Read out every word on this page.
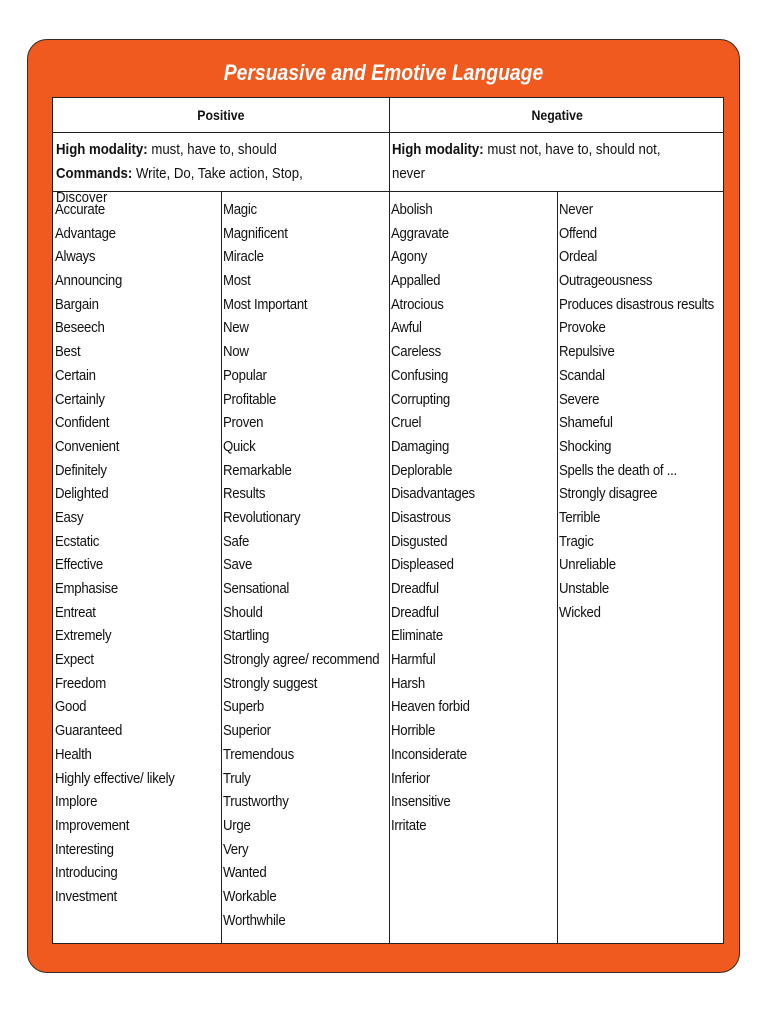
Persuasive and Emotive Language
Positive	Negative
High modality: must, have to, should
Commands: Write, Do, Take action, Stop, Discover
High modality: must not, have to, should not, never
Accurate
Advantage
Always
Announcing
Bargain
Beseech
Best
Certain
Certainly
Confident
Convenient
Definitely
Delighted
Easy
Ecstatic
Effective
Emphasise
Entreat
Extremely
Expect
Freedom
Good
Guaranteed
Health
Highly effective/ likely
Implore
Improvement
Interesting
Introducing
Investment
Magic
Magnificent
Miracle
Most
Most Important
New
Now
Popular
Profitable
Proven
Quick
Remarkable
Results
Revolutionary
Safe
Save
Sensational
Should
Startling
Strongly agree/ recommend
Strongly suggest
Superb
Superior
Tremendous
Truly
Trustworthy
Urge
Very
Wanted
Workable
Worthwhile
Abolish
Aggravate
Agony
Appalled
Atrocious
Awful
Careless
Confusing
Corrupting
Cruel
Damaging
Deplorable
Disadvantages
Disastrous
Disgusted
Displeased
Dreadful
Dreadful
Eliminate
Harmful
Harsh
Heaven forbid
Horrible
Inconsiderate
Inferior
Insensitive
Irritate
Never
Offend
Ordeal
Outrageousness
Produces disastrous results
Provoke
Repulsive
Scandal
Severe
Shameful
Shocking
Spells the death of ...
Strongly disagree
Terrible
Tragic
Unreliable
Unstable
Wicked
